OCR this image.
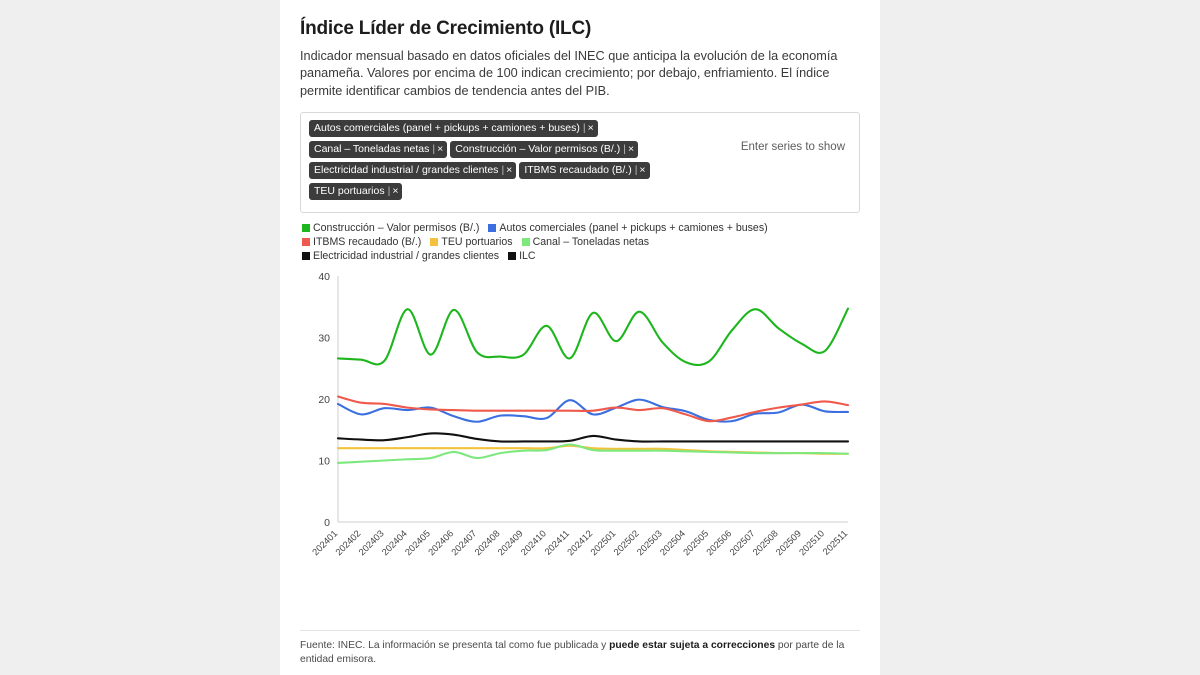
Índice Líder de Crecimiento (ILC)
Indicador mensual basado en datos oficiales del INEC que anticipa la evolución de la economía panameña. Valores por encima de 100 indican crecimiento; por debajo, enfriamiento. El índice permite identificar cambios de tendencia antes del PIB.
Autos comerciales (panel + pickups + camiones + buses) | ×Canal – Toneladas netas | × Construcción – Valor permisos (B/.) | ×Electricidad industrial / grandes clientes | × ITBMS recaudado (B/.) | ×TEU portuarios | ×
Enter series to show
Construcción – Valor permisos (B/.) Autos comerciales (panel + pickups + camiones + buses)ITBMS recaudado (B/.) TEU portuarios Canal – Toneladas netasElectricidad industrial / grandes clientes ILC
0
10
20
30
40
202401
202402
202403
202404
202405
202406
202407
202408
202409
202410
202411
202412
202501
202502
202503
202504
202505
202506
202507
202508
202509
202510
202511
Fuente: INEC. La información se presenta tal como fue publicada y puede estar sujeta a correcciones por parte de la entidad emisora.
